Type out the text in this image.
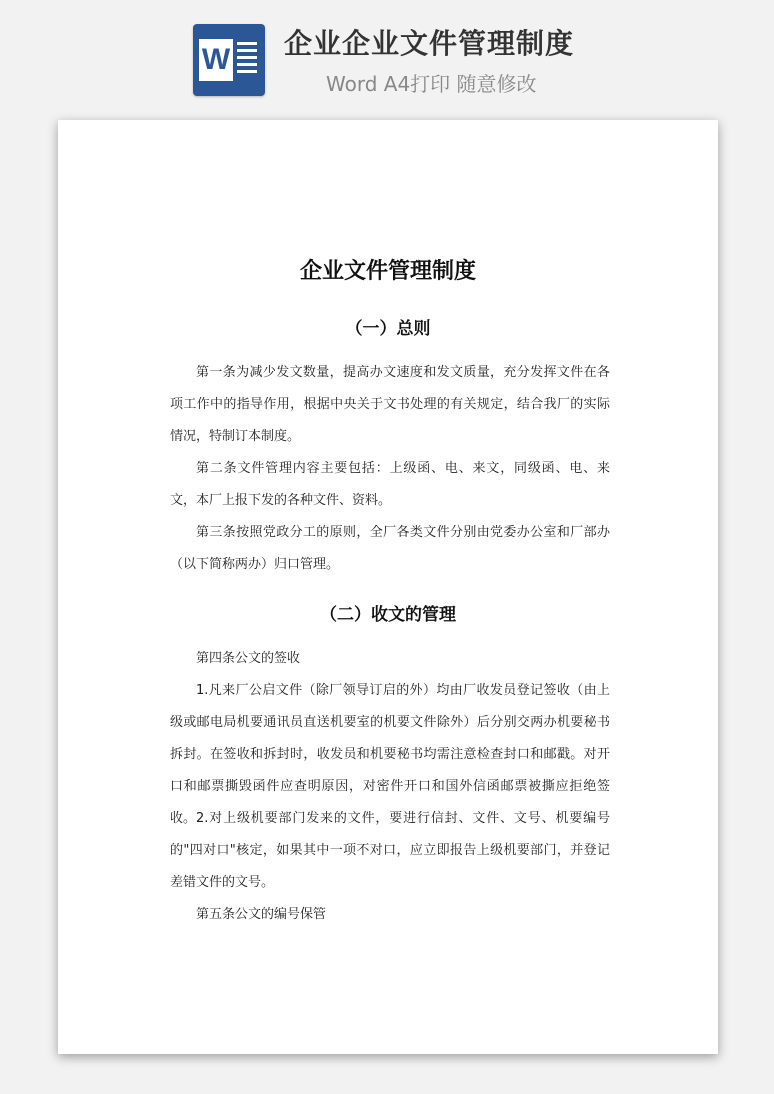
W 企业企业文件管理制度
Word A4打印 随意修改
企业文件管理制度
（一）总则
第一条为减少发文数量，提高办文速度和发文质量，充分发挥文件在各项工作中的指导作用，根据中央关于文书处理的有关规定，结合我厂的实际情况，特制订本制度。
第二条文件管理内容主要包括：上级函、电、来文，同级函、电、来文，本厂上报下发的各种文件、资料。
第三条按照党政分工的原则，全厂各类文件分别由党委办公室和厂部办（以下简称两办）归口管理。
（二）收文的管理
第四条公文的签收
1.凡来厂公启文件（除厂领导订启的外）均由厂收发员登记签收（由上级或邮电局机要通讯员直送机要室的机要文件除外）后分别交两办机要秘书拆封。在签收和拆封时，收发员和机要秘书均需注意检查封口和邮戳。对开口和邮票撕毁函件应查明原因，对密件开口和国外信函邮票被撕应拒绝签收。 2.对上级机要部门发来的文件，要进行信封、文件、文号、机要编号的"四对口"核定，如果其中一项不对口，应立即报告上级机要部门，并登记差错文件的文号。
第五条公文的编号保管
